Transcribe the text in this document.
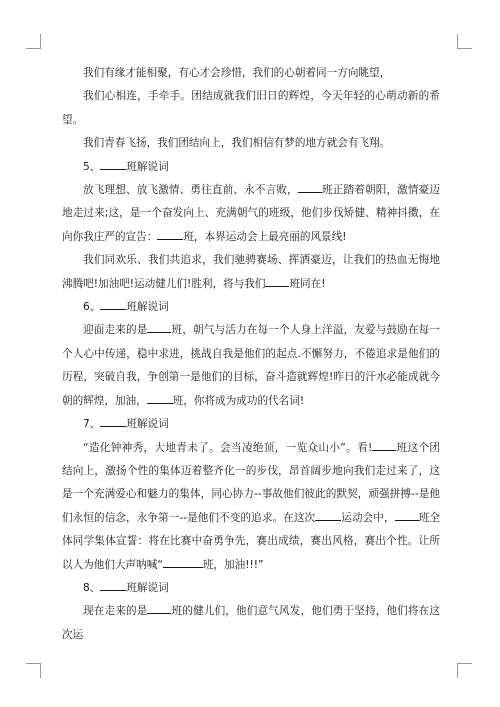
我们有缘才能相聚，有心才会珍惜，我们的心朝着同一方向眺望，

我们心相连，手牵手。团结成就我们旧日的辉煌，今天年轻的心萌动新的希望。

我们青春飞扬，我们团结向上，我们相信有梦的地方就会有飞翔。

5、 班解说词

放飞理想、放飞激情、勇往直前、永不言败， 班正踏着朝阳，激情豪迈地走过来;这，是一个奋发向上、充满朝气的班级，他们步伐矫健、精神抖擞，在向你我庄严的宣告： 班，本界运动会上最亮丽的风景线!

我们同欢乐、我们共追求，我们驰骋赛场、挥洒豪迈，让我们的热血无悔地沸腾吧!加油吧!运动健儿们!胜利，将与我们 班同在!

6、 班解说词

迎面走来的是 班，朝气与活力在每一个人身上洋溢，友爱与鼓励在每一个人心中传递，稳中求进，挑战自我是他们的起点.不懈努力，不倦追求是他们的历程，突破自我，争创第一是他们的目标，奋斗造就辉煌!昨日的汗水必能成就今朝的辉煌，加油， 班，你将成为成功的代名词!

7、 班解说词

“造化钟神秀，大地青未了。会当凌绝顶，一览众山小”。看! 班这个团结向上，激扬个性的集体迈着整齐化一的步伐，昂首阔步地向我们走过来了，这是一个充满爱心和魅力的集体，同心协力--事故他们彼此的默契，顽强拼搏--是他们永恒的信念，永争第一--是他们不变的追求。在这次 运动会中， 班全体同学集体宣誓：将在比赛中奋勇争先，赛出成绩，赛出风格，赛出个性。让所以人为他们大声呐喊“	班，加油!!!”

8、 班解说词

现在走来的是 班的健儿们，他们意气风发，他们勇于坚持，他们将在这次运
